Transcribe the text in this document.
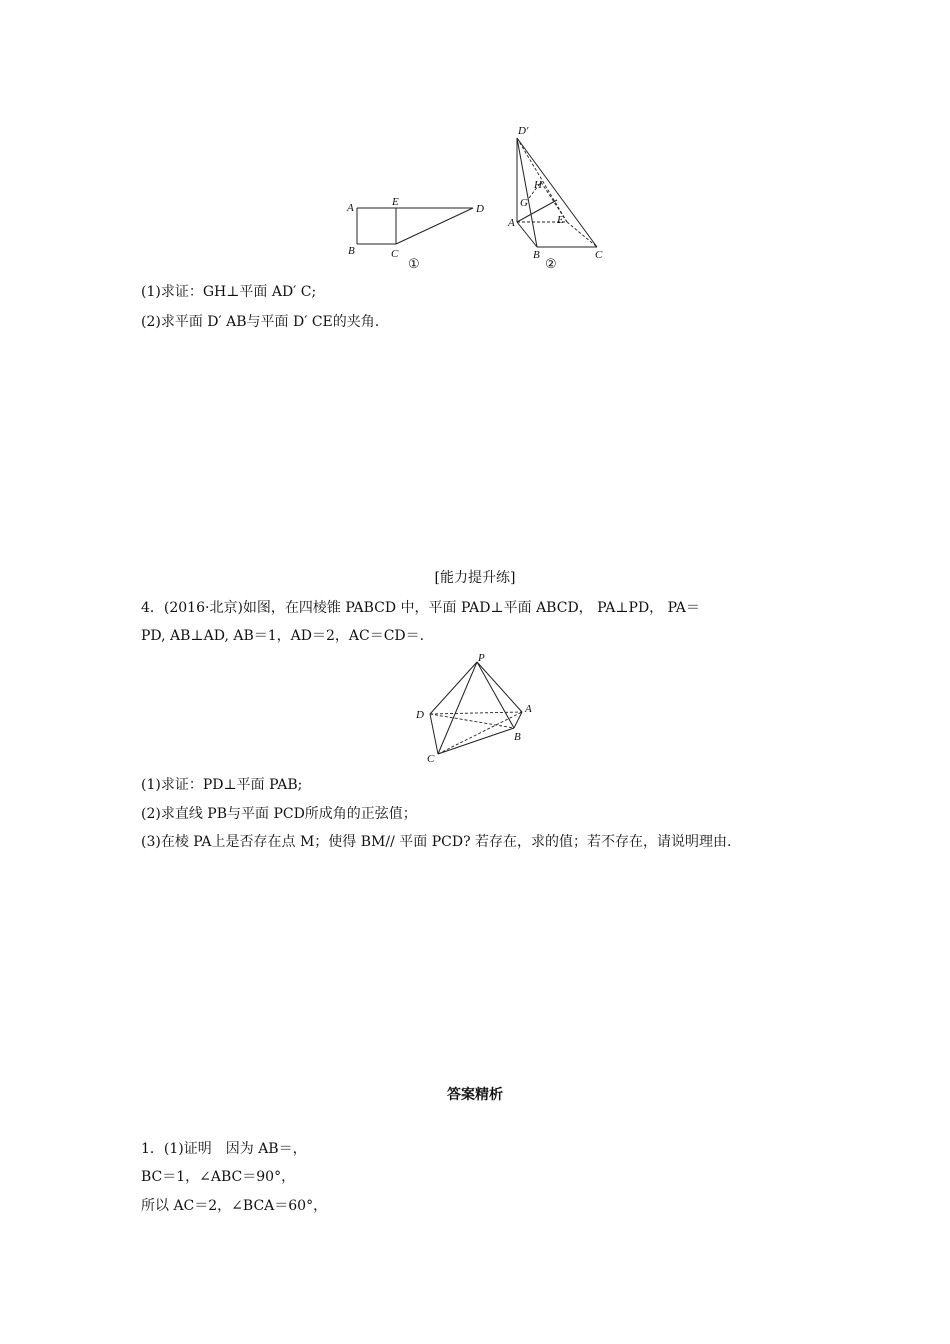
A	E
D
B	C
①
D′
H
G
A	E
B	C
②
(1)求证：GH⊥平面 AD′ C;
(2)求平面 D′ AB与平面 D′ CE的夹角.
[能力提升练]
4．(2016·北京)如图，在四棱锥 PABCD 中，平面 PAD⊥平面 ABCD， PA⊥PD， PA＝
PD, AB⊥AD, AB＝1，AD＝2，AC＝CD＝.
P
D	A
B
C
(1)求证：PD⊥平面 PAB;
(2)求直线 PB与平面 PCD所成角的正弦值；
(3)在棱 PA上是否存在点 M；使得 BM// 平面 PCD? 若存在，求的值；若不存在，请说明理由.
答案精析
1．(1)证明　因为 AB＝，
BC＝1，∠ABC＝90°，
所以 AC＝2，∠BCA＝60°，
